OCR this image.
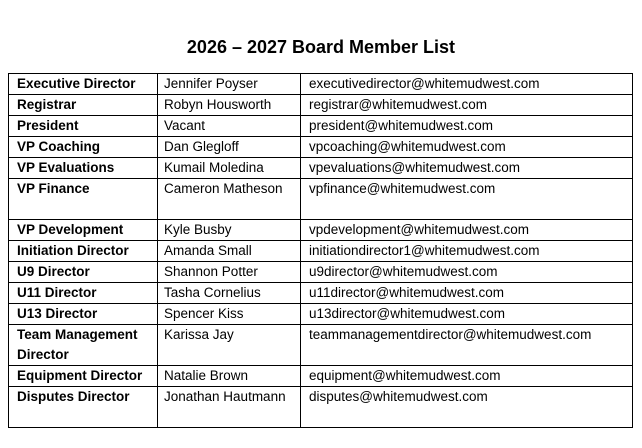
2026 – 2027 Board Member List
Executive Director	Jennifer Poyser	executivedirector@whitemudwest.com
Registrar	Robyn Housworth	registrar@whitemudwest.com
President	Vacant	president@whitemudwest.com
VP Coaching	Dan Glegloff	vpcoaching@whitemudwest.com
VP Evaluations	Kumail Moledina	vpevaluations@whitemudwest.com
VP Finance	Cameron Matheson	vpfinance@whitemudwest.com
VP Development	Kyle Busby	vpdevelopment@whitemudwest.com
Initiation Director	Amanda Small	initiationdirector1@whitemudwest.com
U9 Director	Shannon Potter	u9director@whitemudwest.com
U11 Director	Tasha Cornelius	u11director@whitemudwest.com
U13 Director	Spencer Kiss	u13director@whitemudwest.com
Team Management Director	Karissa Jay	teammanagementdirector@whitemudwest.com
Equipment Director	Natalie Brown	equipment@whitemudwest.com
Disputes Director	Jonathan Hautmann	disputes@whitemudwest.com
